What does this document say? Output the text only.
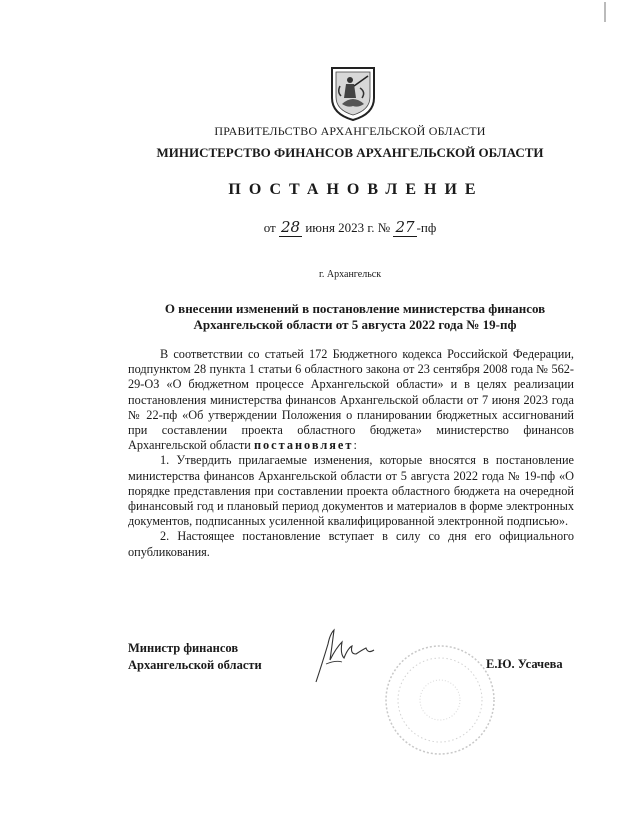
ПРАВИТЕЛЬСТВО АРХАНГЕЛЬСКОЙ ОБЛАСТИ
МИНИСТЕРСТВО ФИНАНСОВ АРХАНГЕЛЬСКОЙ ОБЛАСТИ
ПОСТАНОВЛЕНИЕ
от 28 июня 2023 г. № 27 -пф
г. Архангельск
О внесении изменений в постановление министерства финансов Архангельской области от 5 августа 2022 года № 19-пф

В соответствии со статьей 172 Бюджетного кодекса Российской Федерации, подпунктом 28 пункта 1 статьи 6 областного закона от 23 сентября 2008 года № 562-29-ОЗ «О бюджетном процессе Архангельской области» и в целях реализации постановления министерства финансов Архангельской области от 7 июня 2023 года № 22-пф «Об утверждении Положения о планировании бюджетных ассигнований при составлении проекта областного бюджета» министерство финансов Архангельской области постановляет:

1. Утвердить прилагаемые изменения, которые вносятся в постановление министерства финансов Архангельской области от 5 августа 2022 года № 19-пф «О порядке представления при составлении проекта областного бюджета на очередной финансовый год и плановый период документов и материалов в форме электронных документов, подписанных усиленной квалифицированной электронной подписью».

2. Настоящее постановление вступает в силу со дня его официального опубликования.

Министр финансов
Архангельской области	Е.Ю. Усачева
